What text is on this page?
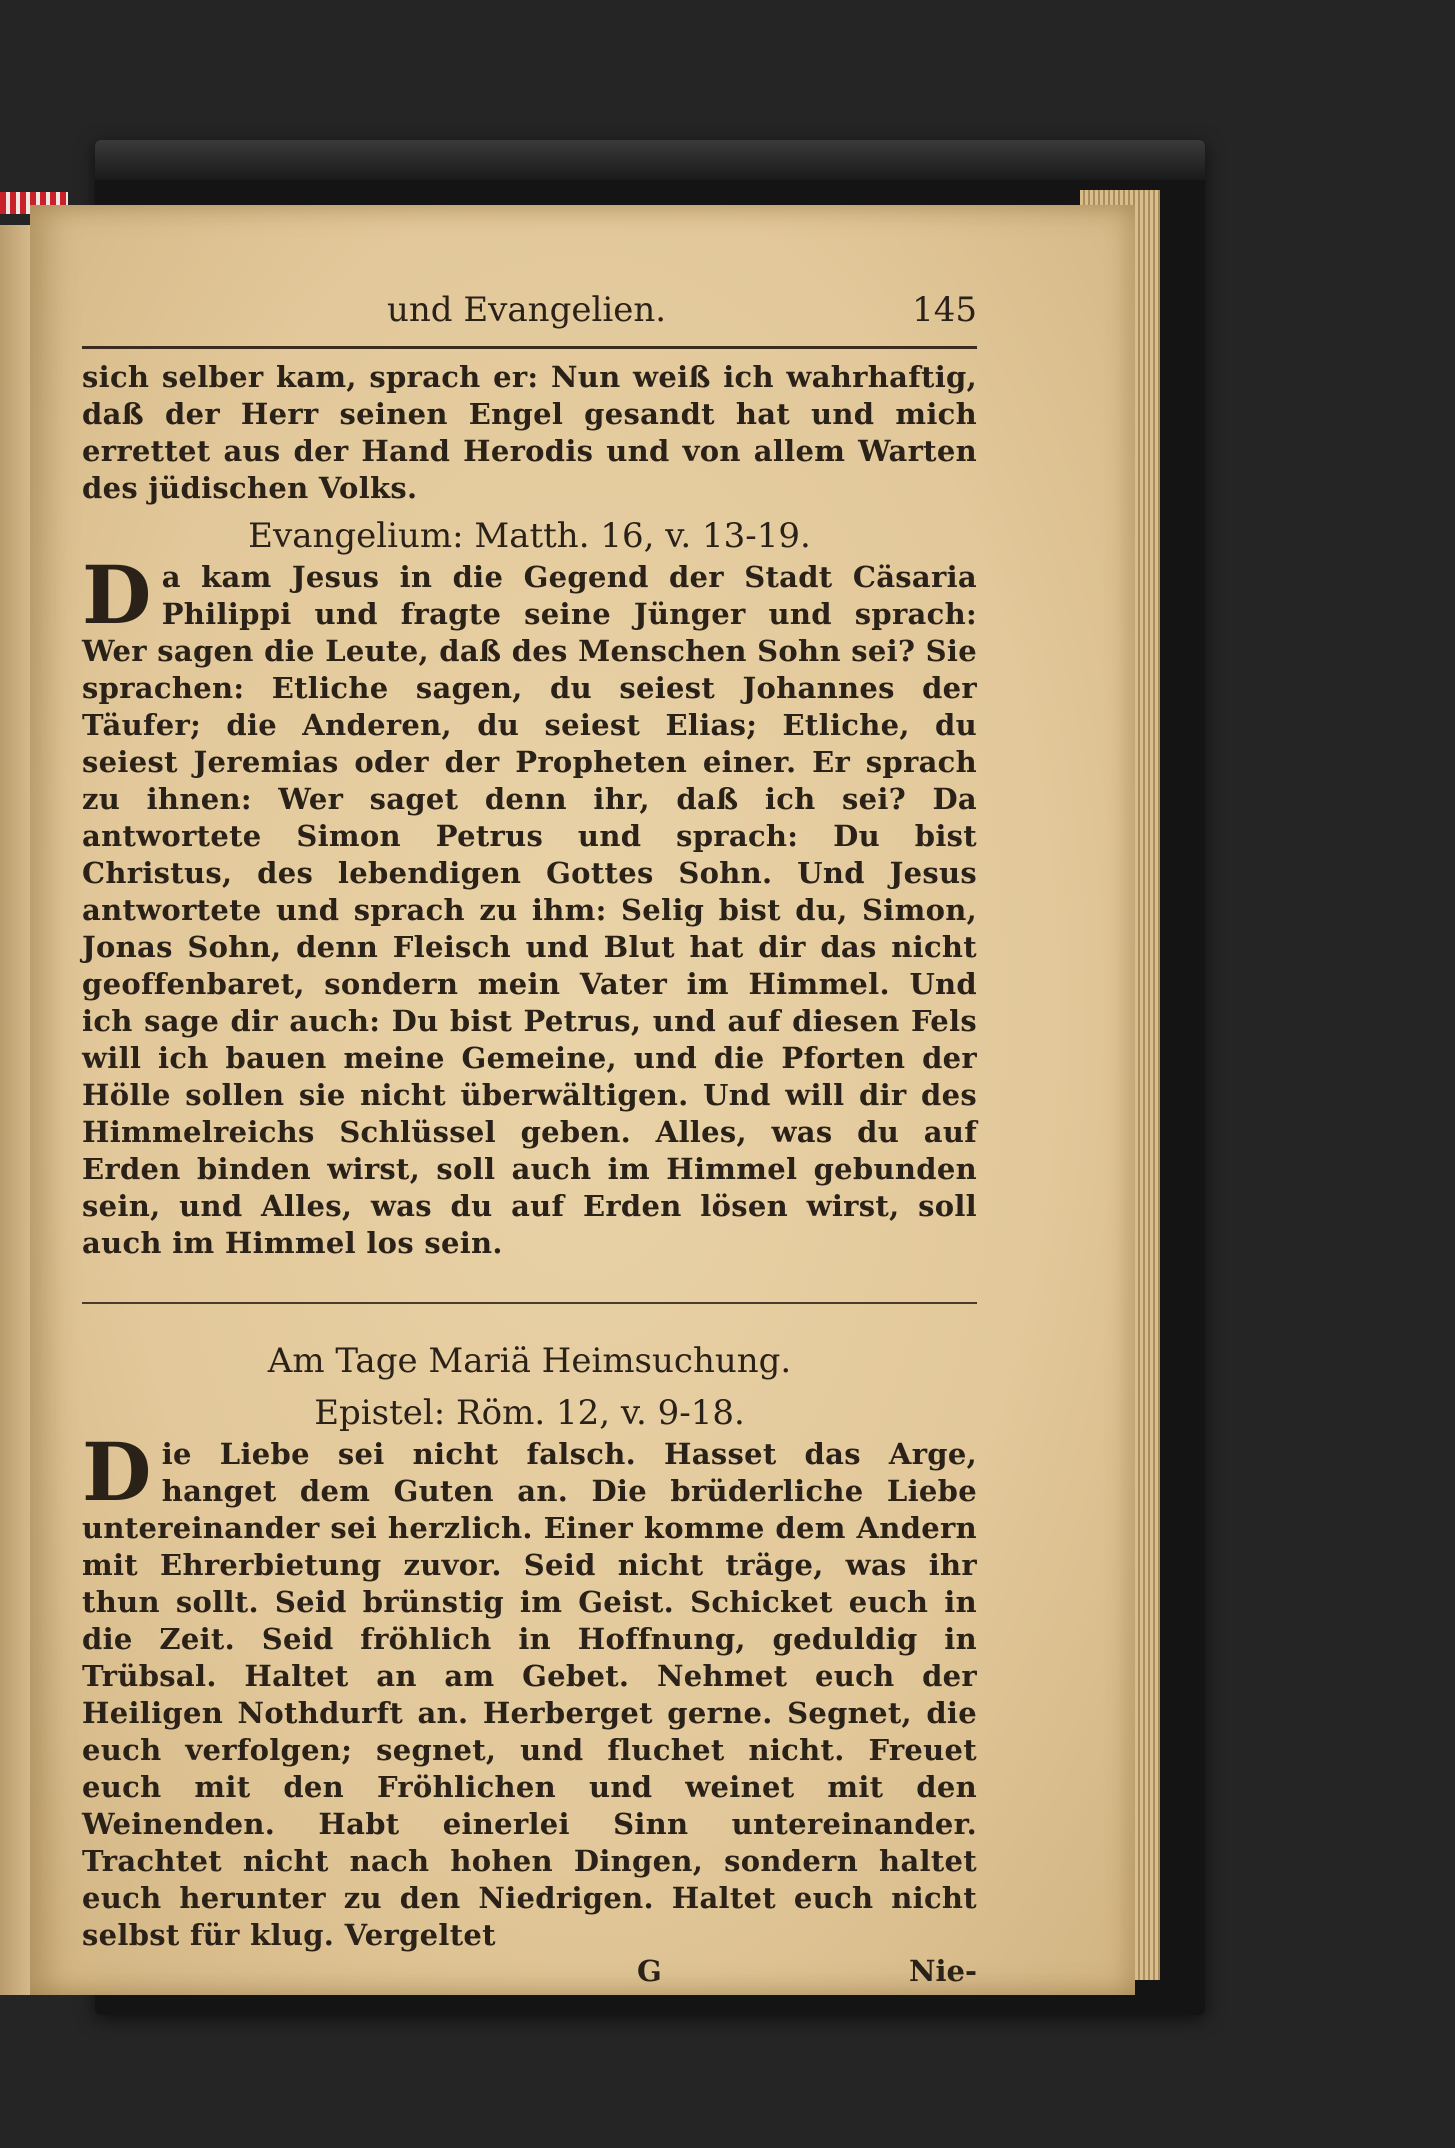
und Evangelien.	145
sich selber kam, sprach er: Nun weiß ich wahrhaftig, daß der Herr seinen Engel gesandt hat und mich errettet aus der Hand Herodis und von allem Warten des jüdischen Volks.
Evangelium: Matth. 16, v. 13-19.
D a kam Jesus in die Gegend der Stadt Cäsaria Philippi und fragte seine Jünger und sprach: Wer sagen die Leute, daß des Menschen Sohn sei? Sie sprachen: Etliche sagen, du seiest Johannes der Täufer; die Anderen, du seiest Elias; Etliche, du seiest Jeremias oder der Propheten einer. Er sprach zu ihnen: Wer saget denn ihr, daß ich sei? Da antwortete Simon Petrus und sprach: Du bist Christus, des lebendigen Gottes Sohn. Und Jesus antwortete und sprach zu ihm: Selig bist du, Simon, Jonas Sohn, denn Fleisch und Blut hat dir das nicht geoffenbaret, sondern mein Vater im Himmel. Und ich sage dir auch: Du bist Petrus, und auf diesen Fels will ich bauen meine Gemeine, und die Pforten der Hölle sollen sie nicht überwältigen. Und will dir des Himmelreichs Schlüssel geben. Alles, was du auf Erden binden wirst, soll auch im Himmel gebunden sein, und Alles, was du auf Erden lösen wirst, soll auch im Himmel los sein.
Am Tage Mariä Heimsuchung.
Epistel: Röm. 12, v. 9-18.
D ie Liebe sei nicht falsch. Hasset das Arge, hanget dem Guten an. Die brüderliche Liebe untereinander sei herzlich. Einer komme dem Andern mit Ehrerbietung zuvor. Seid nicht träge, was ihr thun sollt. Seid brünstig im Geist. Schicket euch in die Zeit. Seid fröhlich in Hoffnung, geduldig in Trübsal. Haltet an am Gebet. Nehmet euch der Heiligen Nothdurft an. Herberget gerne. Segnet, die euch verfolgen; segnet, und fluchet nicht. Freuet euch mit den Fröhlichen und weinet mit den Weinenden. Habt einerlei Sinn untereinander. Trachtet nicht nach hohen Dingen, sondern haltet euch herunter zu den Niedrigen. Haltet euch nicht selbst für klug. Vergeltet
G	Nie-
